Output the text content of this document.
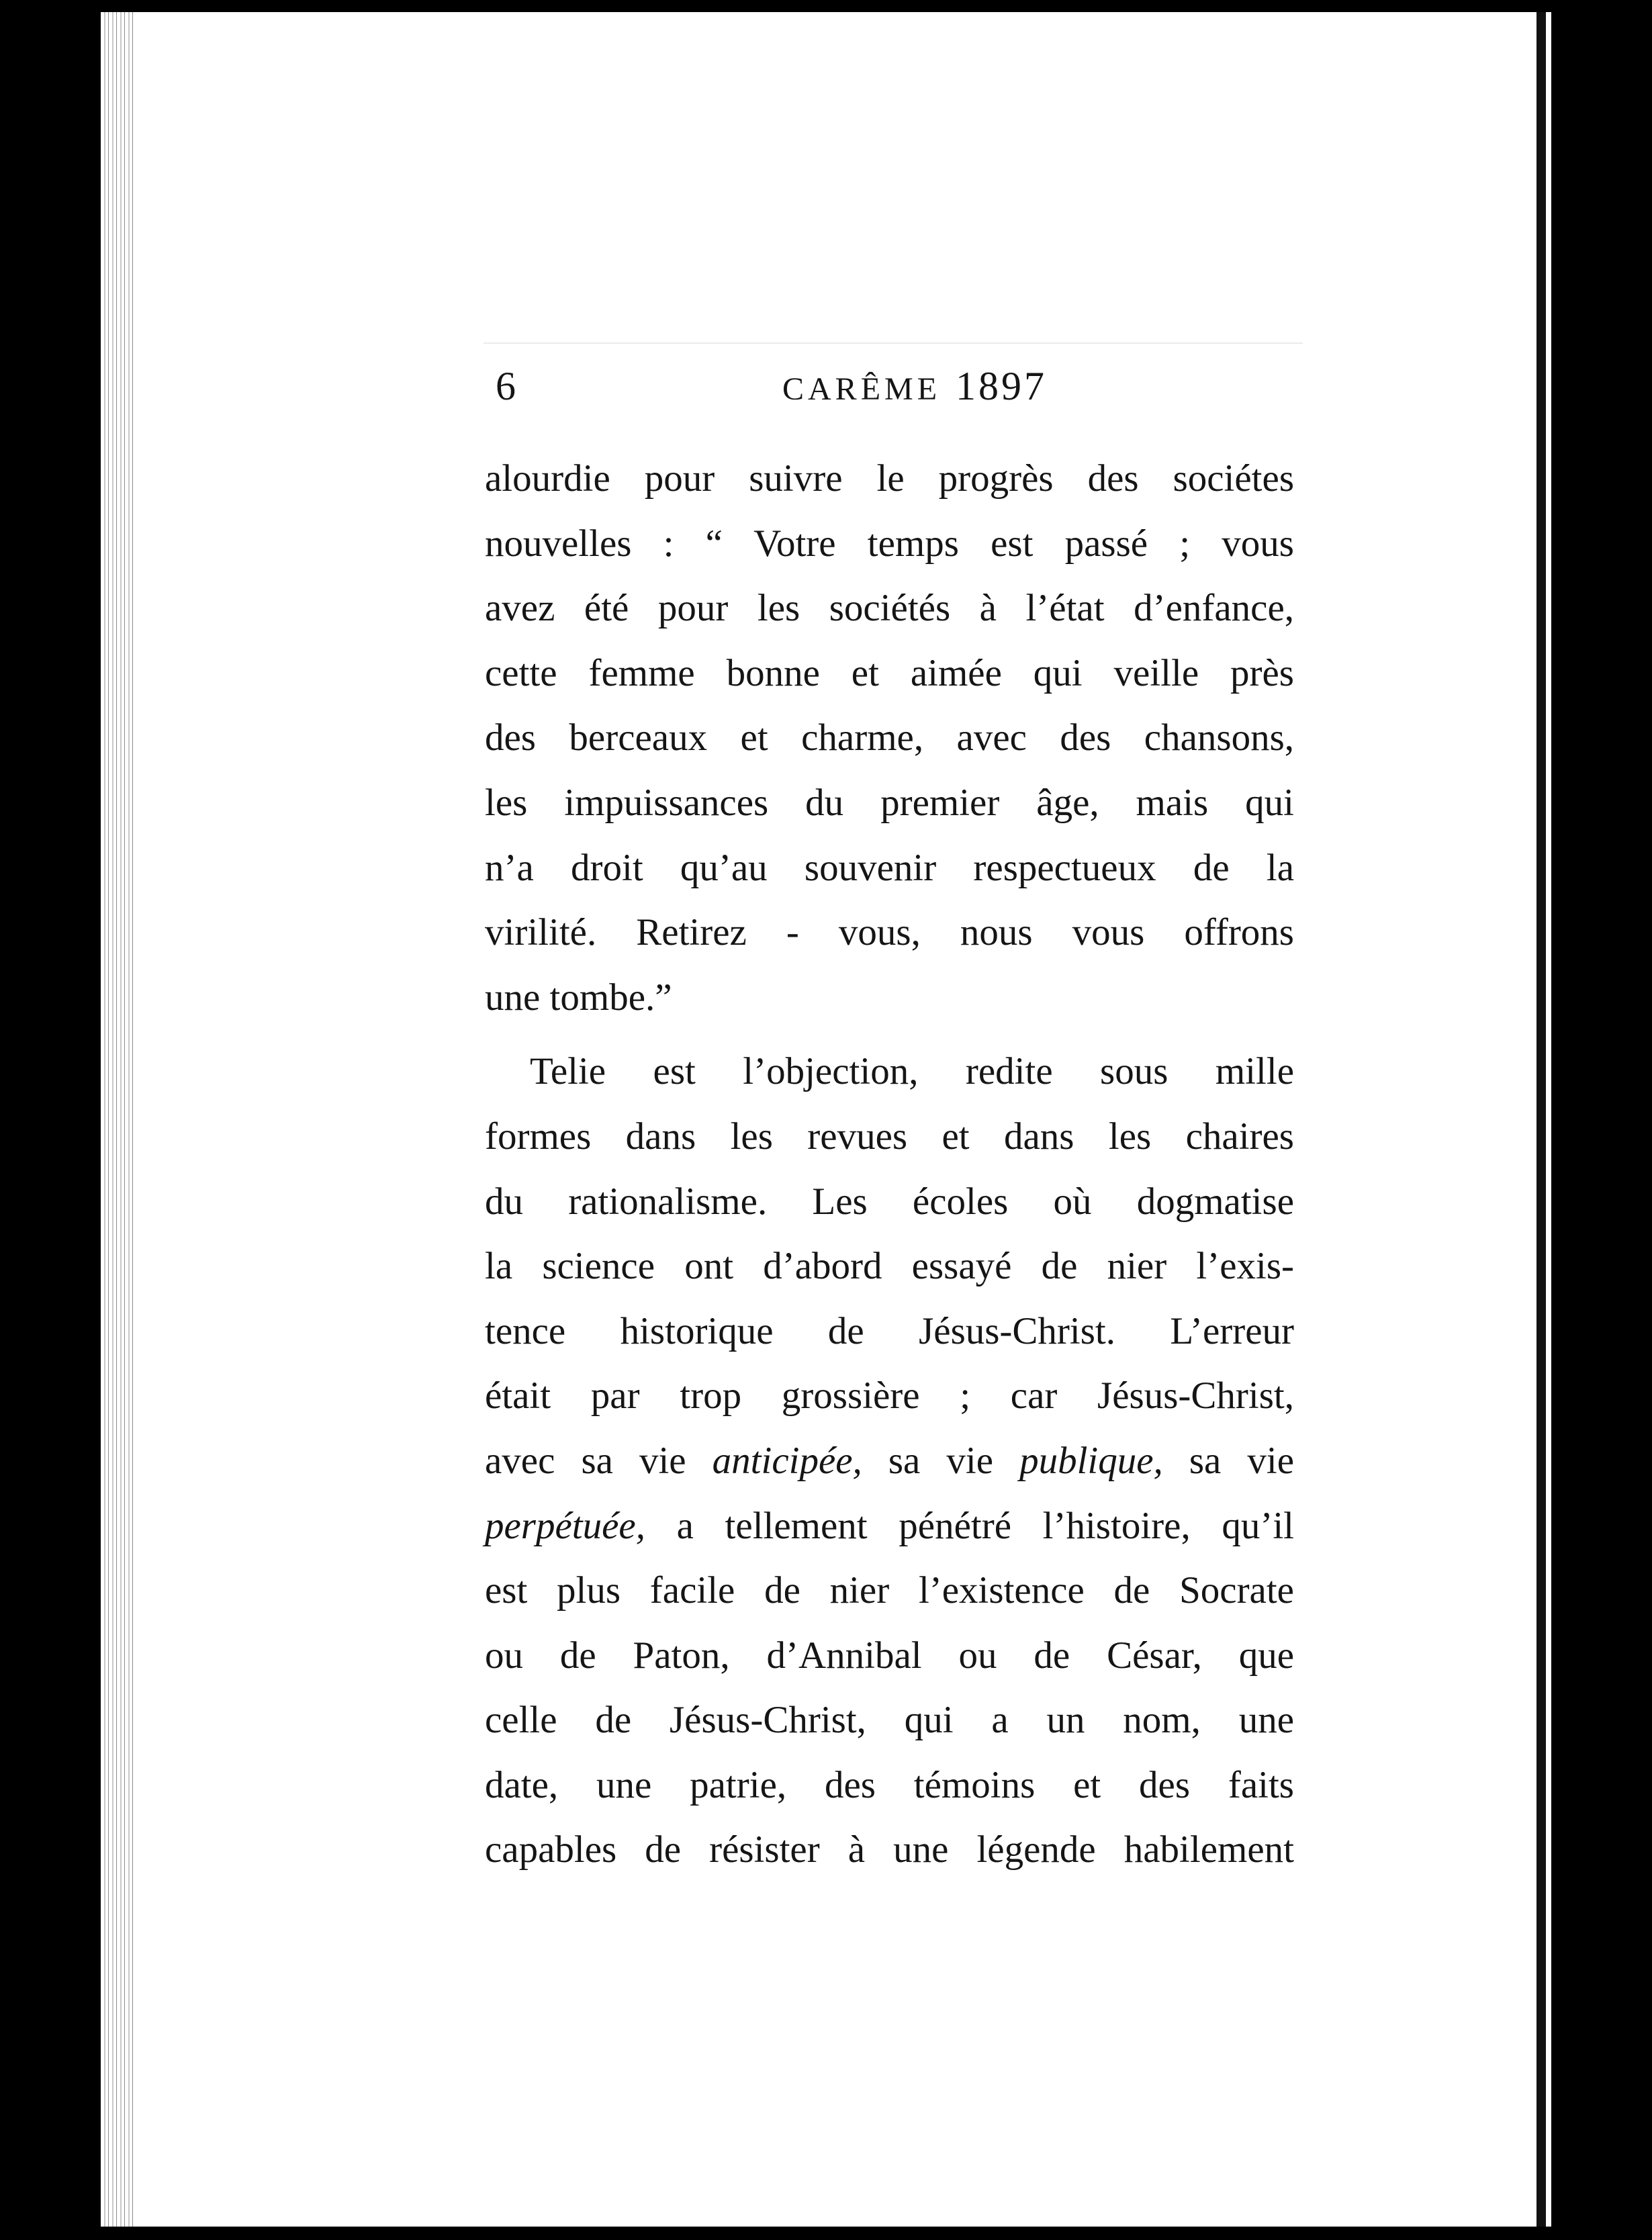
6	CARÊME 1897
alourdie pour suivre le progrès des sociétes
nouvelles : “ Votre temps est passé ; vous
avez été pour les sociétés à l’état d’enfance,
cette femme bonne et aimée qui veille près
des berceaux et charme, avec des chansons,
les impuissances du premier âge, mais qui
n’a droit qu’au souvenir respectueux de la
virilité. Retirez - vous, nous vous offrons
une tombe.”
Telie est l’objection, redite sous mille
formes dans les revues et dans les chaires
du rationalisme. Les écoles où dogmatise
la science ont d’abord essayé de nier l’exis-
tence historique de Jésus-Christ. L’erreur
était par trop grossière ; car Jésus-Christ,
avec sa vie anticipée, sa vie publique, sa vie
perpétuée, a tellement pénétré l’histoire, qu’il
est plus facile de nier l’existence de Socrate
ou de Paton, d’Annibal ou de César, que
celle de Jésus-Christ, qui a un nom, une
date, une patrie, des témoins et des faits
capables de résister à une légende habilement
